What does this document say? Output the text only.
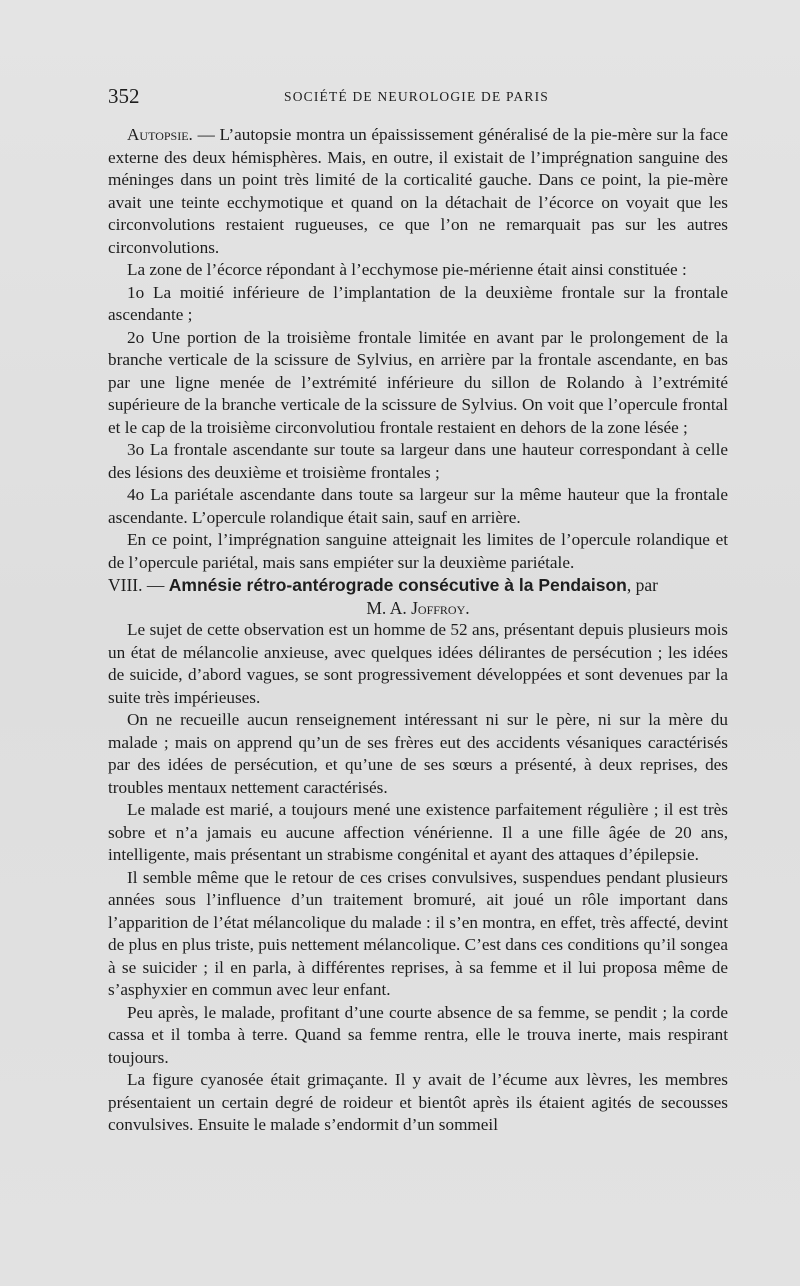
352	SOCIÉTÉ DE NEUROLOGIE DE PARIS

Autopsie. — L’autopsie montra un épaississement généralisé de la pie-mère sur la face externe des deux hémisphères. Mais, en outre, il existait de l’imprégnation sanguine des méninges dans un point très limité de la corticalité gauche. Dans ce point, la pie-mère avait une teinte ecchymotique et quand on la détachait de l’écorce on voyait que les circonvolutions restaient rugueuses, ce que l’on ne remarquait pas sur les autres circonvolutions.

La zone de l’écorce répondant à l’ecchymose pie-mérienne était ainsi constituée :

1o La moitié inférieure de l’implantation de la deuxième frontale sur la frontale ascendante ;

2o Une portion de la troisième frontale limitée en avant par le prolongement de la branche verticale de la scissure de Sylvius, en arrière par la frontale ascendante, en bas par une ligne menée de l’extrémité inférieure du sillon de Rolando à l’extrémité supérieure de la branche verticale de la scissure de Sylvius. On voit que l’opercule frontal et le cap de la troisième circonvolutiou frontale restaient en dehors de la zone lésée ;

3o La frontale ascendante sur toute sa largeur dans une hauteur correspondant à celle des lésions des deuxième et troisième frontales ;

4o La pariétale ascendante dans toute sa largeur sur la même hauteur que la frontale ascendante. L’opercule rolandique était sain, sauf en arrière.

En ce point, l’imprégnation sanguine atteignait les limites de l’opercule rolandique et de l’opercule pariétal, mais sans empiéter sur la deuxième pariétale.

VIII. — Amnésie rétro-antérograde consécutive à la Pendaison, par
M. A. Joffroy.

Le sujet de cette observation est un homme de 52 ans, présentant depuis plusieurs mois un état de mélancolie anxieuse, avec quelques idées délirantes de persécution ; les idées de suicide, d’abord vagues, se sont progressivement développées et sont devenues par la suite très impérieuses.

On ne recueille aucun renseignement intéressant ni sur le père, ni sur la mère du malade ; mais on apprend qu’un de ses frères eut des accidents vésaniques caractérisés par des idées de persécution, et qu’une de ses sœurs a présenté, à deux reprises, des troubles mentaux nettement caractérisés.

Le malade est marié, a toujours mené une existence parfaitement régulière ; il est très sobre et n’a jamais eu aucune affection vénérienne. Il a une fille âgée de 20 ans, intelligente, mais présentant un strabisme congénital et ayant des attaques d’épilepsie.

Il semble même que le retour de ces crises convulsives, suspendues pendant plusieurs années sous l’influence d’un traitement bromuré, ait joué un rôle important dans l’apparition de l’état mélancolique du malade : il s’en montra, en effet, très affecté, devint de plus en plus triste, puis nettement mélancolique. C’est dans ces conditions qu’il songea à se suicider ; il en parla, à différentes reprises, à sa femme et il lui proposa même de s’asphyxier en commun avec leur enfant.

Peu après, le malade, profitant d’une courte absence de sa femme, se pendit ; la corde cassa et il tomba à terre. Quand sa femme rentra, elle le trouva inerte, mais respirant toujours.

La figure cyanosée était grimaçante. Il y avait de l’écume aux lèvres, les membres présentaient un certain degré de roideur et bientôt après ils étaient agités de secousses convulsives. Ensuite le malade s’endormit d’un sommeil
